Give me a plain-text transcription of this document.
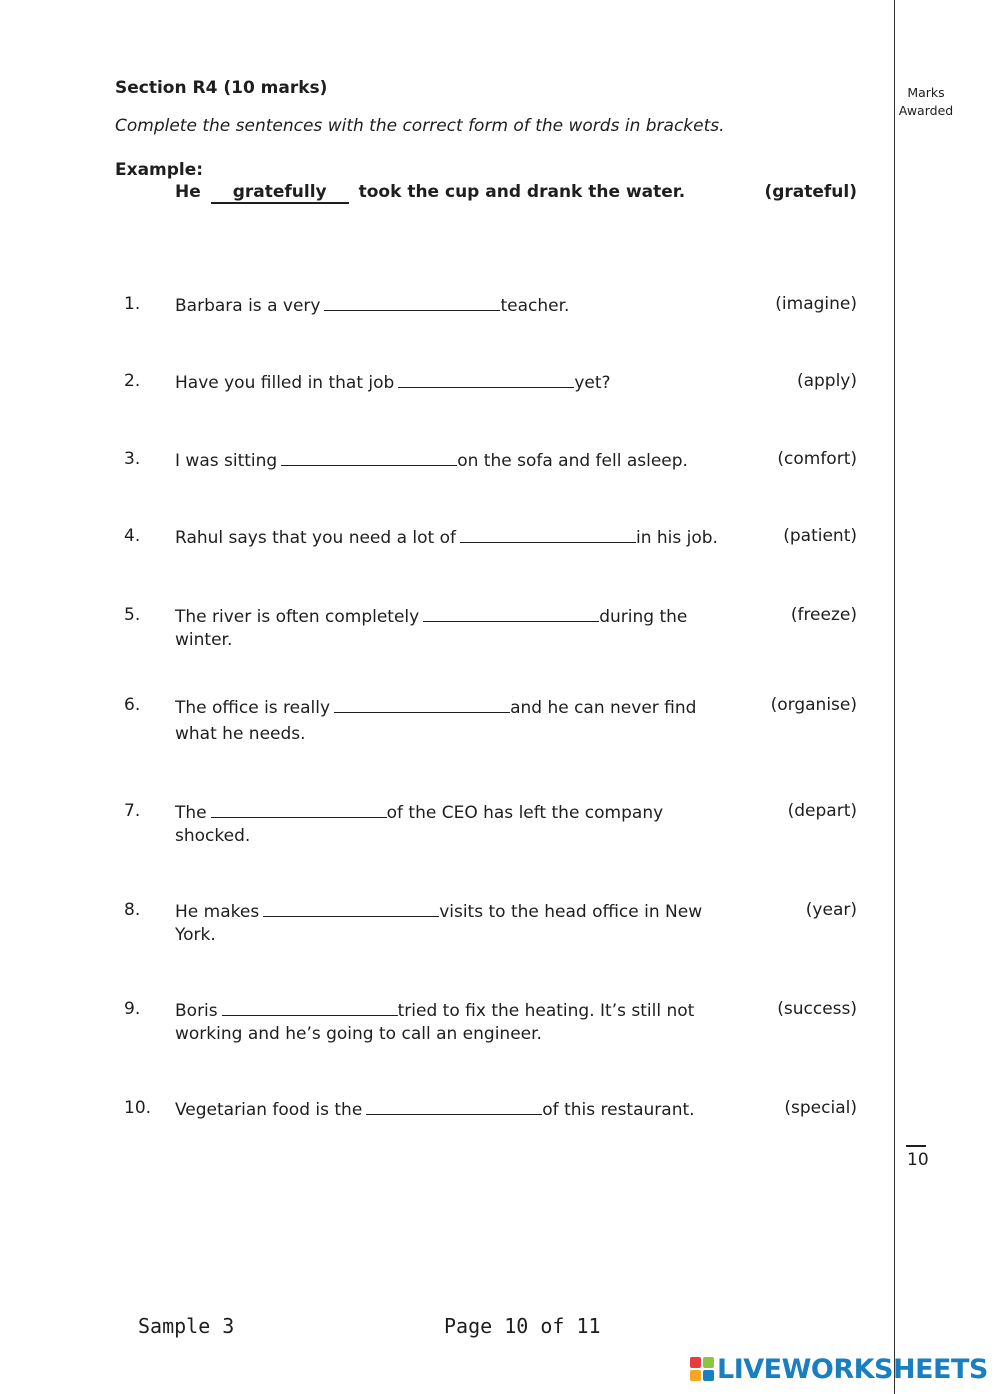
Section R4 (10 marks)
Complete the sentences with the correct form of the words in brackets.
Marks
Awarded
Example:
He gratefully took the cup and drank the water.	(grateful)
1. Barbara is a very	teacher.	(imagine)
2. Have you filled in that job	yet?	(apply)
3. I was sitting	on the sofa and fell asleep.	(comfort)
4. Rahul says that you need a lot of	in his job.	(patient)
5. The river is often completely	during the winter.
(freeze)
6. The office is really	and he can never find what he needs.
(organise)
7. The	of the CEO has left the company shocked.
(depart)
8. He makes	visits to the head office in New York.
(year)
9. Boris	tried to fix the heating. It’s still not working and he’s going to call an engineer.
(success)
10. Vegetarian food is the	of this restaurant.	(special)
10
Sample 3	Page 10 of 11
LIVEWORKSHEETS
